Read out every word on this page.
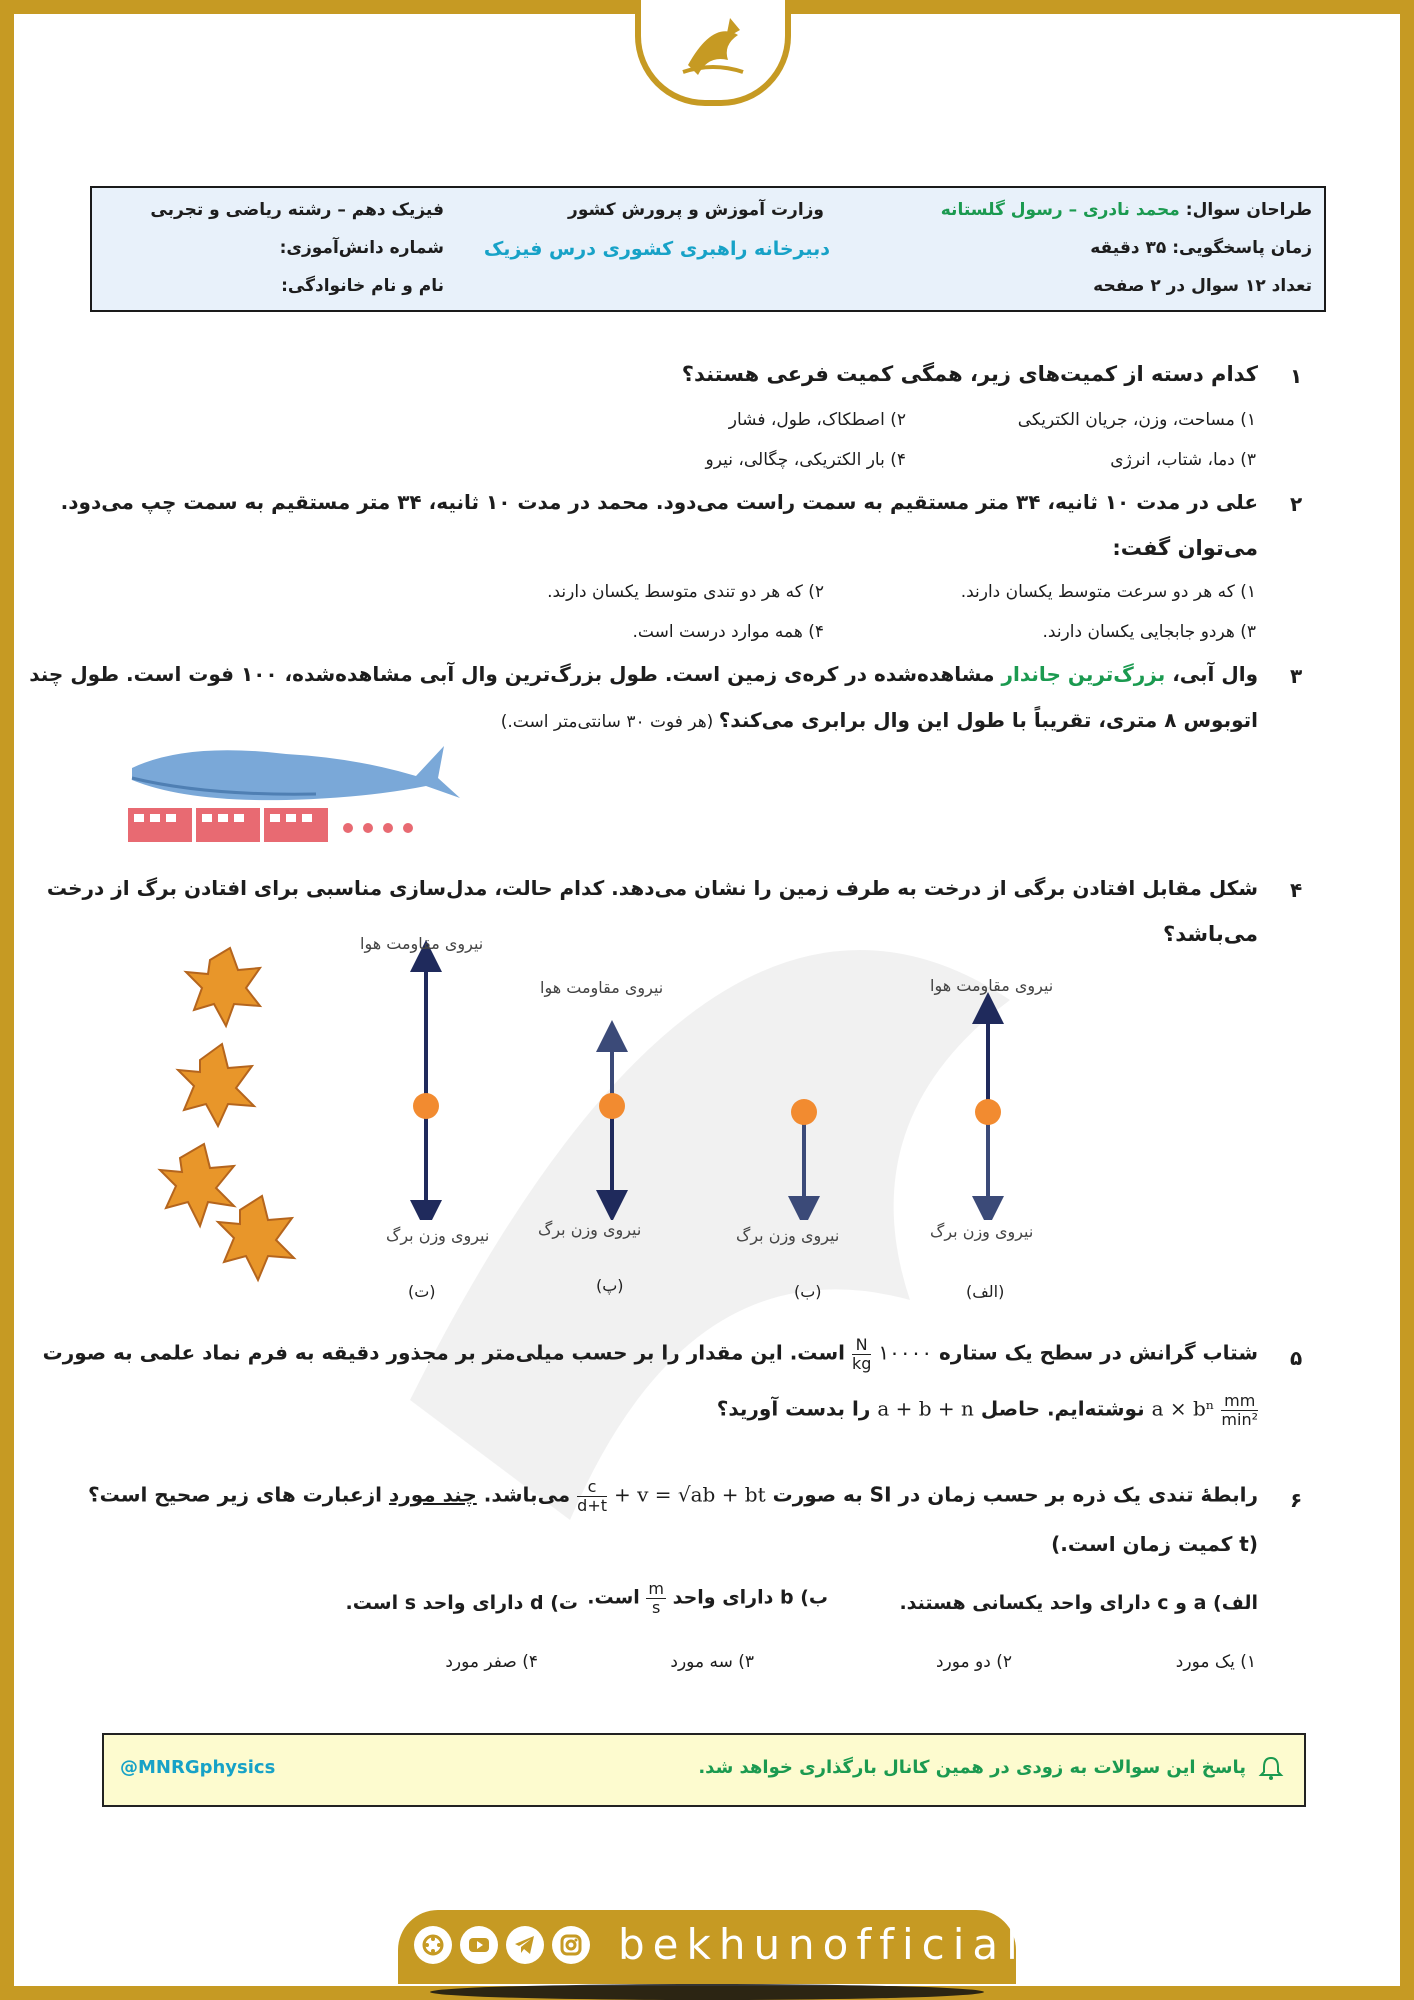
طراحان سوال: محمد نادری – رسول گلستانه
زمان پاسخگویی: ۳۵ دقیقه
تعداد ۱۲ سوال در ۲ صفحه
وزارت آموزش و پرورش کشور
دبیرخانه راهبری کشوری درس فیزیک
فیزیک دهم – رشته ریاضی و تجربی
شماره دانش‌آموزی:
نام و نام خانوادگی:
۱
کدام دسته از کمیت‌های زیر، همگی کمیت فرعی هستند؟
۱) مساحت، وزن، جریان الکتریکی
۲) اصطکاک، طول، فشار
۳) دما، شتاب، انرژی
۴) بار الکتریکی، چگالی، نیرو
۲
علی در مدت ۱۰ ثانیه، ۳۴ متر مستقیم به سمت راست می‌دود. محمد در مدت ۱۰ ثانیه، ۳۴ متر مستقیم به سمت چپ می‌دود.
می‌توان گفت:
۱) که هر دو سرعت متوسط یکسان دارند.
۲) که هر دو تندی متوسط یکسان دارند.
۳) هردو جابجایی یکسان دارند.
۴) همه موارد درست است.
۳
وال آبی، بزرگ‌ترین جاندار مشاهده‌شده در کره‌ی زمین است. طول بزرگ‌ترین وال آبی مشاهده‌شده، ۱۰۰ فوت است. طول چند
اتوبوس ۸ متری، تقریباً با طول این وال برابری می‌کند؟ (هر فوت ۳۰ سانتی‌متر است.)
۴
شکل مقابل افتادن برگی از درخت به طرف زمین را نشان می‌دهد. کدام حالت، مدل‌سازی مناسبی برای افتادن برگ از درخت
می‌باشد؟
نیروی مقاومت هوا
نیروی مقاومت هوا	نیروی مقاومت هوا
نیروی وزن برگ	نیروی وزن برگ	نیروی وزن برگ	نیروی وزن برگ
(ت)	(پ)	(ب)	(الف)
۵
شتاب گرانش در سطح یک ستاره ۱۰۰۰۰
$\frac{N}{kg}$
است. این مقدار را بر حسب میلی‌متر بر مجذور دقیقه به فرم نماد علمی به صورت
$\frac{mm}{\text{min²}}$
a × bⁿ نوشته‌ایم. حاصل a + b + n را بدست آورید؟
۶
رابطهٔ تندی یک ذره بر حسب زمان در SI به صورت v = √ab + bt +
$\frac{c}{d+t}$
می‌باشد. چند مورد ازعبارت های زیر صحیح است؟
(t کمیت زمان است.)
الف) a و c دارای واحد یکسانی هستند.
ب) b دارای واحد
$\frac{m}{s}$
است.
ت) d دارای واحد s است.
۱) یک مورد
۲) دو مورد
۳) سه مورد
۴) صفر مورد
پاسخ این سوالات به زودی در همین کانال بارگذاری خواهد شد.
@MNRGphysics
bekhunofficial
